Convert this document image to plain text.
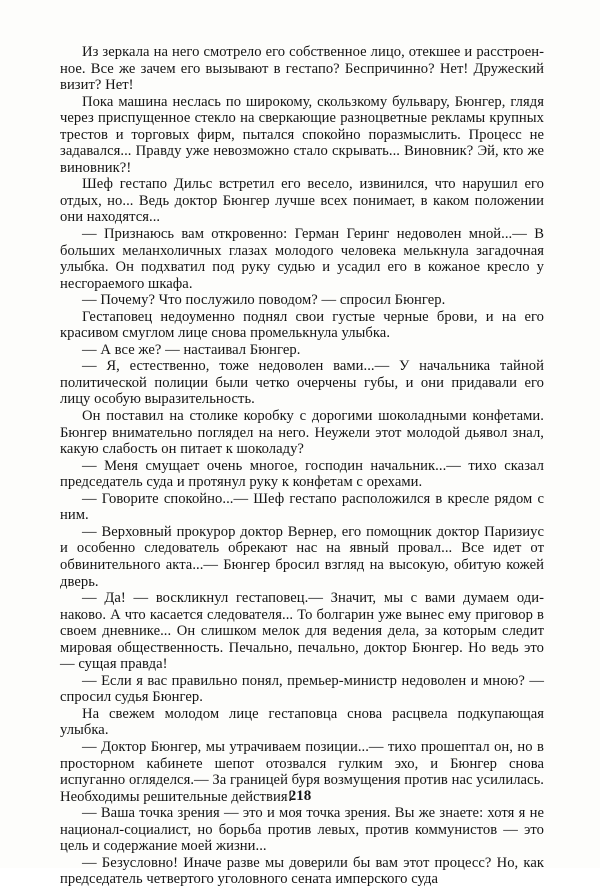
Из зеркала на него смотрело его собственное лицо, отекшее и расстроенное. Все же зачем его вызывают в гестапо? Беспричинно? Нет! Дружеский визит? Нет!

Пока машина неслась по широкому, скользкому бульвару, Бюнгер, глядя через приспущенное стекло на сверкающие разноцветные рекламы крупных трестов и торговых фирм, пытался спокойно поразмыслить. Процесс не задавался... Правду уже невозможно стало скрывать... Виновник? Эй, кто же виновник?!

Шеф гестапо Дильс встретил его весело, извинился, что нарушил его отдых, но... Ведь доктор Бюнгер лучше всех понимает, в каком положении они находятся...

— Признаюсь вам откровенно: Герман Геринг недоволен мной...— В больших меланхоличных глазах молодого человека мелькнула загадочная улыбка. Он подхватил под руку судью и усадил его в кожаное кресло у несгораемого шкафа.

— Почему? Что послужило поводом? — спросил Бюнгер.

Гестаповец недоуменно поднял свои густые черные брови, и на его красивом смуглом лице снова промелькнула улыбка.

— А все же? — настаивал Бюнгер.

— Я, естественно, тоже недоволен вами...— У начальника тайной политической полиции были четко очерчены губы, и они придавали его лицу особую выразительность.

Он поставил на столике коробку с дорогими шоколадными конфетами. Бюнгер внимательно поглядел на него. Неужели этот молодой дьявол знал, какую слабость он питает к шоколаду?

— Меня смущает очень многое, господин начальник...— тихо сказал председатель суда и протянул руку к конфетам с орехами.

— Говорите спокойно...— Шеф гестапо расположился в кресле рядом с ним.

— Верховный прокурор доктор Вернер, его помощник доктор Паризиус и особенно следователь обрекают нас на явный провал... Все идет от обвинительного акта...— Бюнгер бросил взгляд на высокую, обитую кожей дверь.

— Да! — воскликнул гестаповец.— Значит, мы с вами думаем одинаково. А что касается следователя... То болгарин уже вынес ему приговор в своем дневнике... Он слишком мелок для ведения дела, за которым следит мировая общественность. Печально, печально, доктор Бюнгер. Но ведь это — сущая правда!

— Если я вас правильно понял, премьер-министр недоволен и мною? — спросил судья Бюнгер.

На свежем молодом лице гестаповца снова расцвела подкупающая улыбка.

— Доктор Бюнгер, мы утрачиваем позиции...— тихо прошептал он, но в просторном кабинете шепот отозвался гулким эхо, и Бюнгер снова испуганно огляделся.— За границей буря возмущения против нас усилилась. Необходимы решительные действия!

— Ваша точка зрения — это и моя точка зрения. Вы же знаете: хотя я не национал-социалист, но борьба против левых, против коммунистов — это цель и содержание моей жизни...

— Безусловно! Иначе разве мы доверили бы вам этот процесс? Но, как председатель четвертого уголовного сената имперского суда

218
